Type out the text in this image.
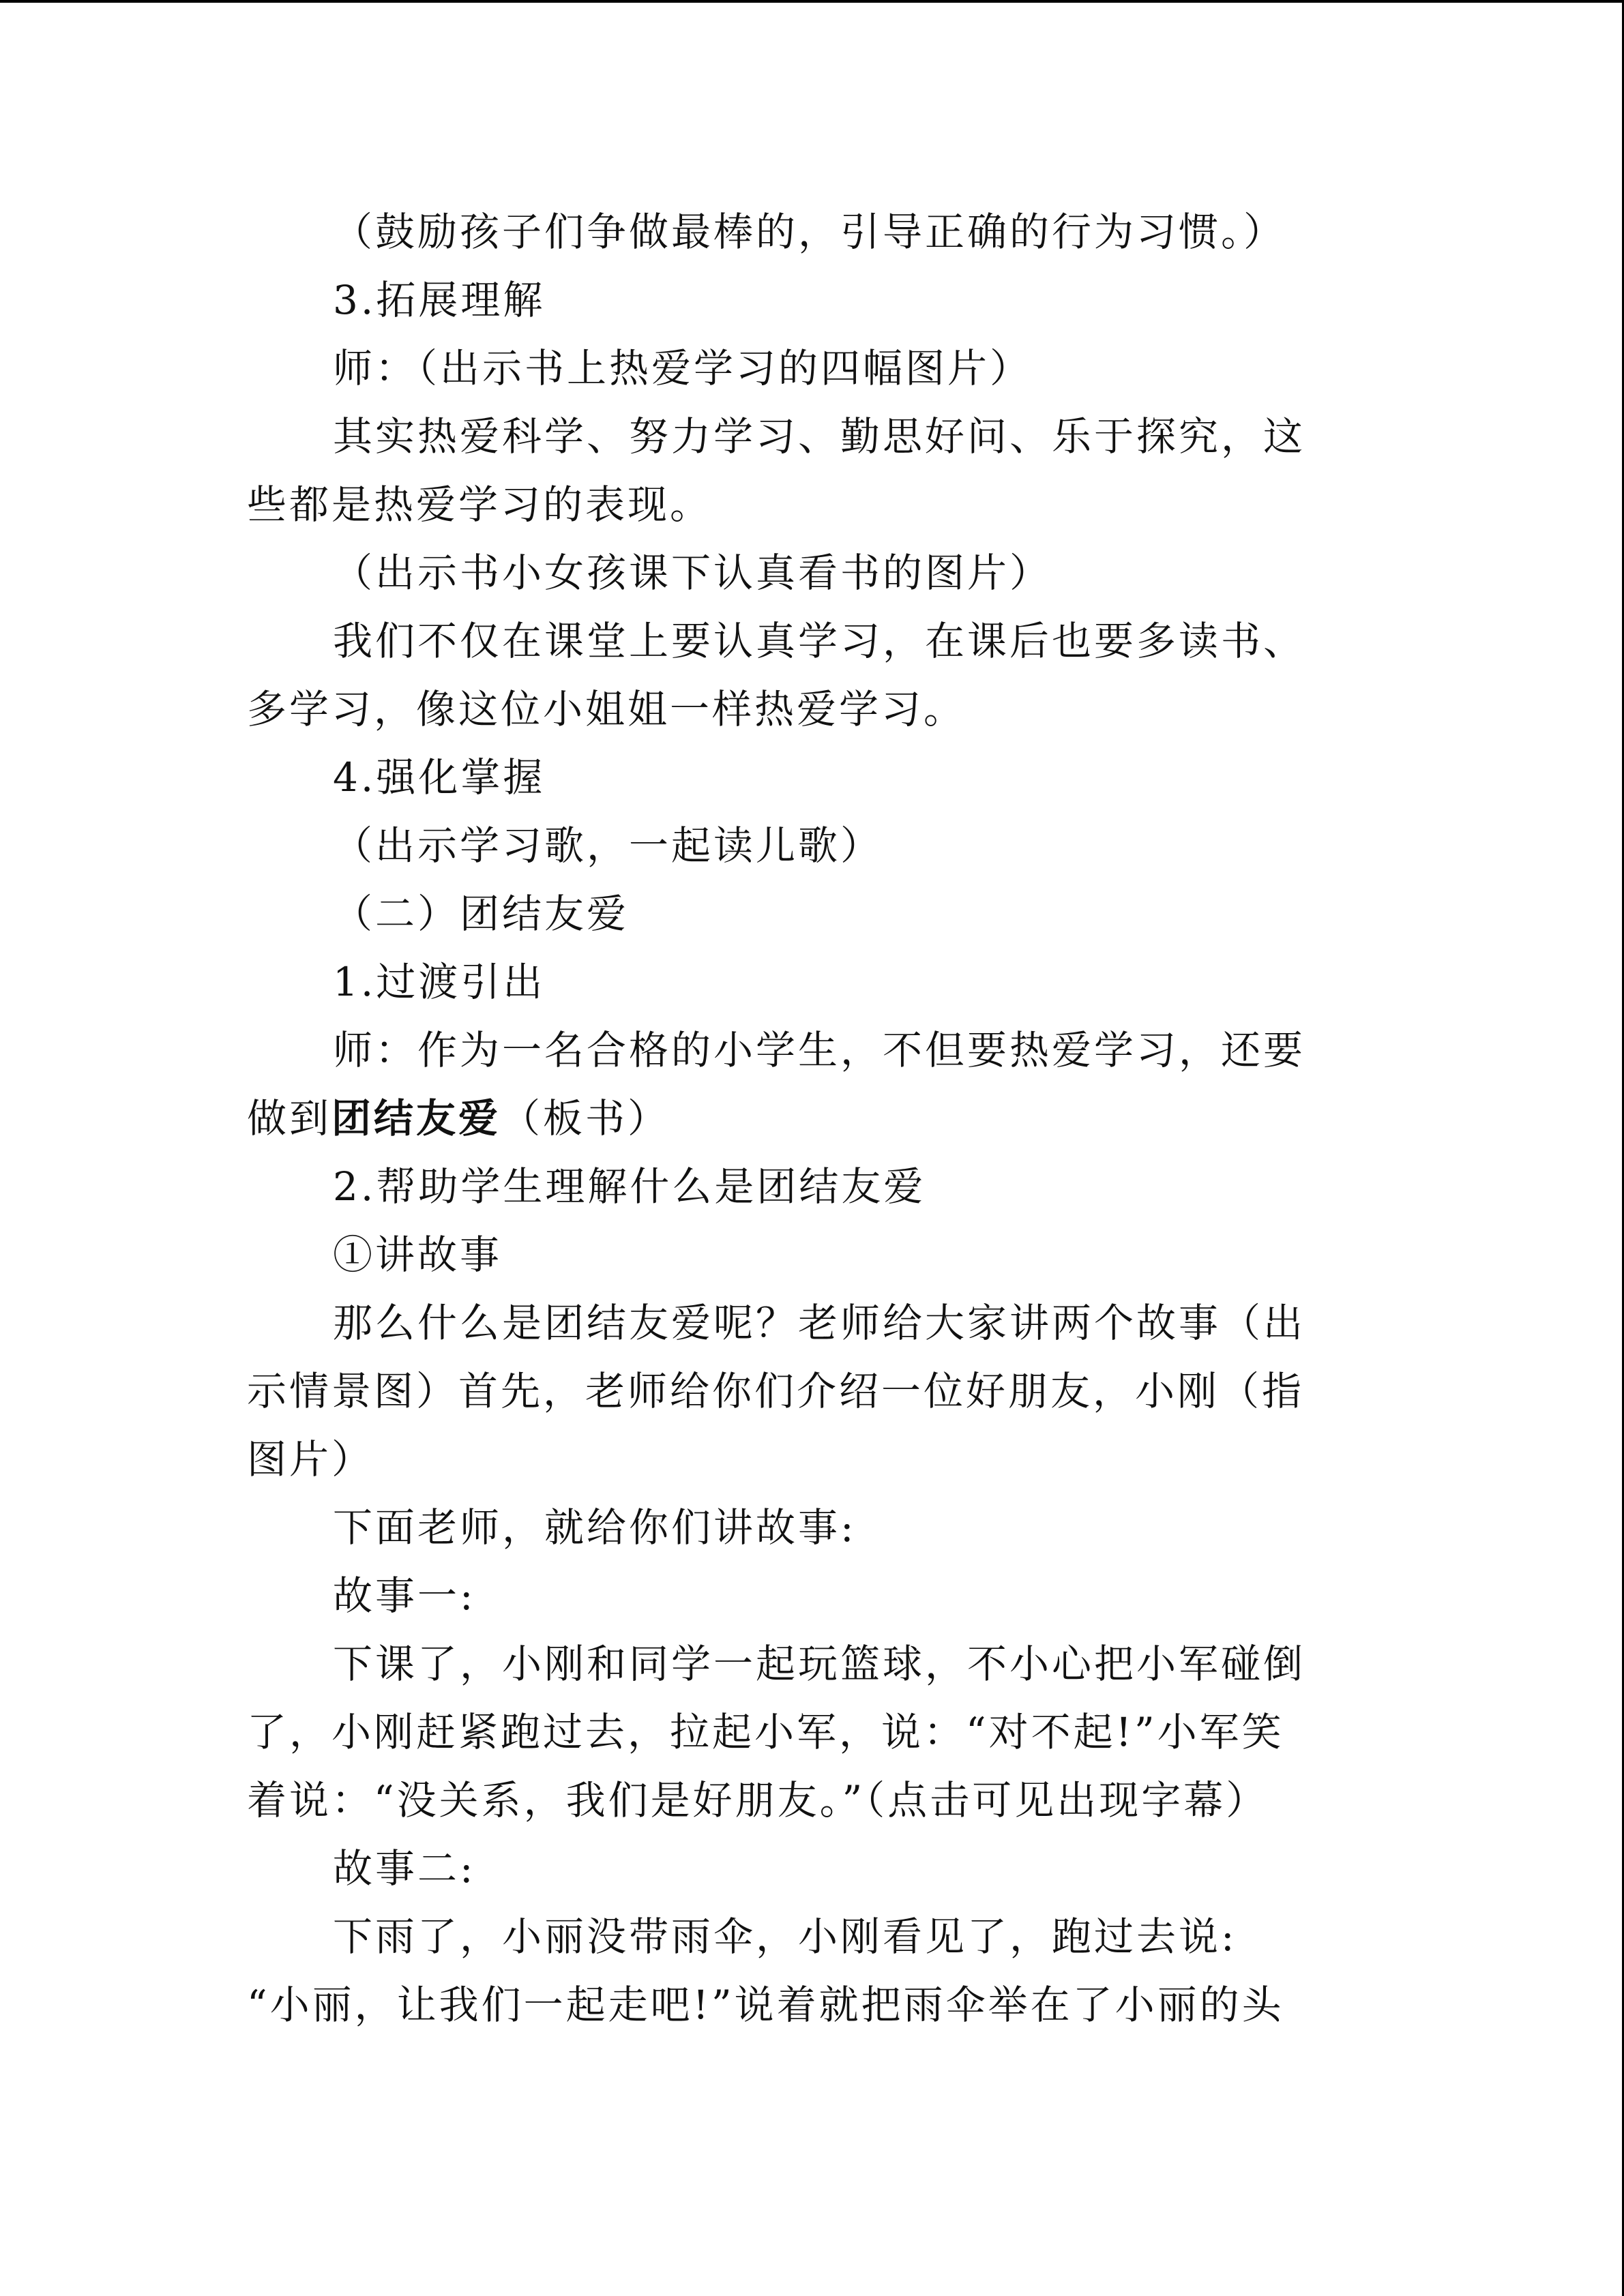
（鼓励孩子们争做最棒的，引导正确的行为习惯。）
3.拓展理解
师：（出示书上热爱学习的四幅图片）
其实热爱科学、努力学习、勤思好问、乐于探究，这
些都是热爱学习的表现。
（出示书小女孩课下认真看书的图片）
我们不仅在课堂上要认真学习，在课后也要多读书、
多学习，像这位小姐姐一样热爱学习。
4.强化掌握
（出示学习歌，一起读儿歌）
（二）团结友爱
1.过渡引出
师：作为一名合格的小学生，不但要热爱学习，还要
做到团结友爱（板书）
2.帮助学生理解什么是团结友爱
①讲故事
那么什么是团结友爱呢？老师给大家讲两个故事（出
示情景图）首先，老师给你们介绍一位好朋友，小刚（指
图片）
下面老师，就给你们讲故事:
故事一:
下课了，小刚和同学一起玩篮球，不小心把小军碰倒
了，小刚赶紧跑过去，拉起小军，说：“对不起!”小军笑
着说：“没关系，我们是好朋友。”（点击可见出现字幕）
故事二:
下雨了，小丽没带雨伞，小刚看见了，跑过去说:
“小丽，让我们一起走吧!”说着就把雨伞举在了小丽的头
